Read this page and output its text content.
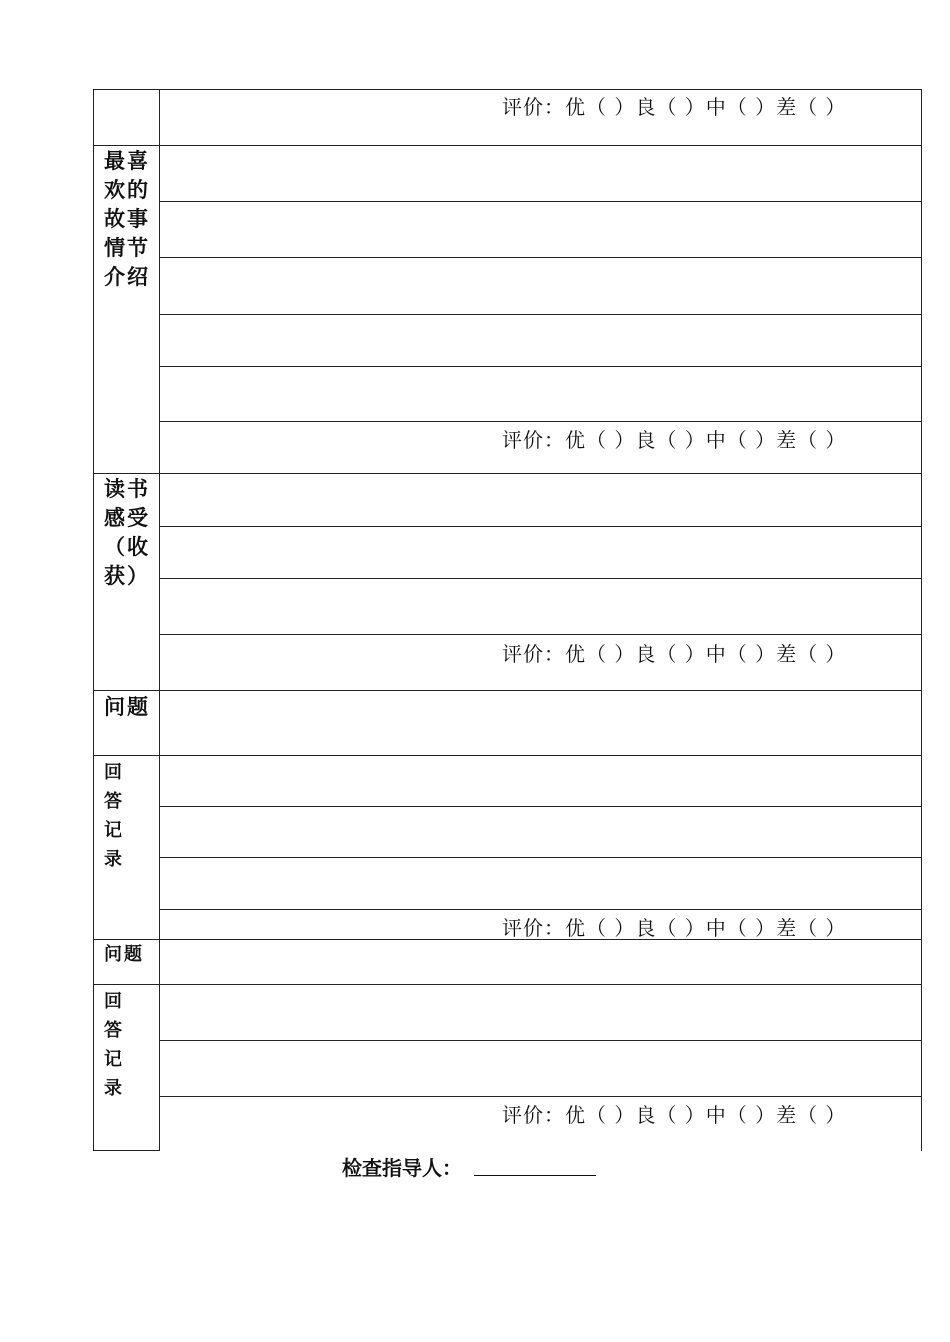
最喜
欢的
故事
情节
介绍
读书
感受
（收
获）
问题
回
答
记
录
问题
回
答
记
录
评价：优（ ）良（ ）中（ ）差（ ）
评价：优（ ）良（ ）中（ ）差（ ）
评价：优（ ）良（ ）中（ ）差（ ）
评价：优（ ）良（ ）中（ ）差（ ）
评价：优（ ）良（ ）中（ ）差（ ）
检查指导人：
